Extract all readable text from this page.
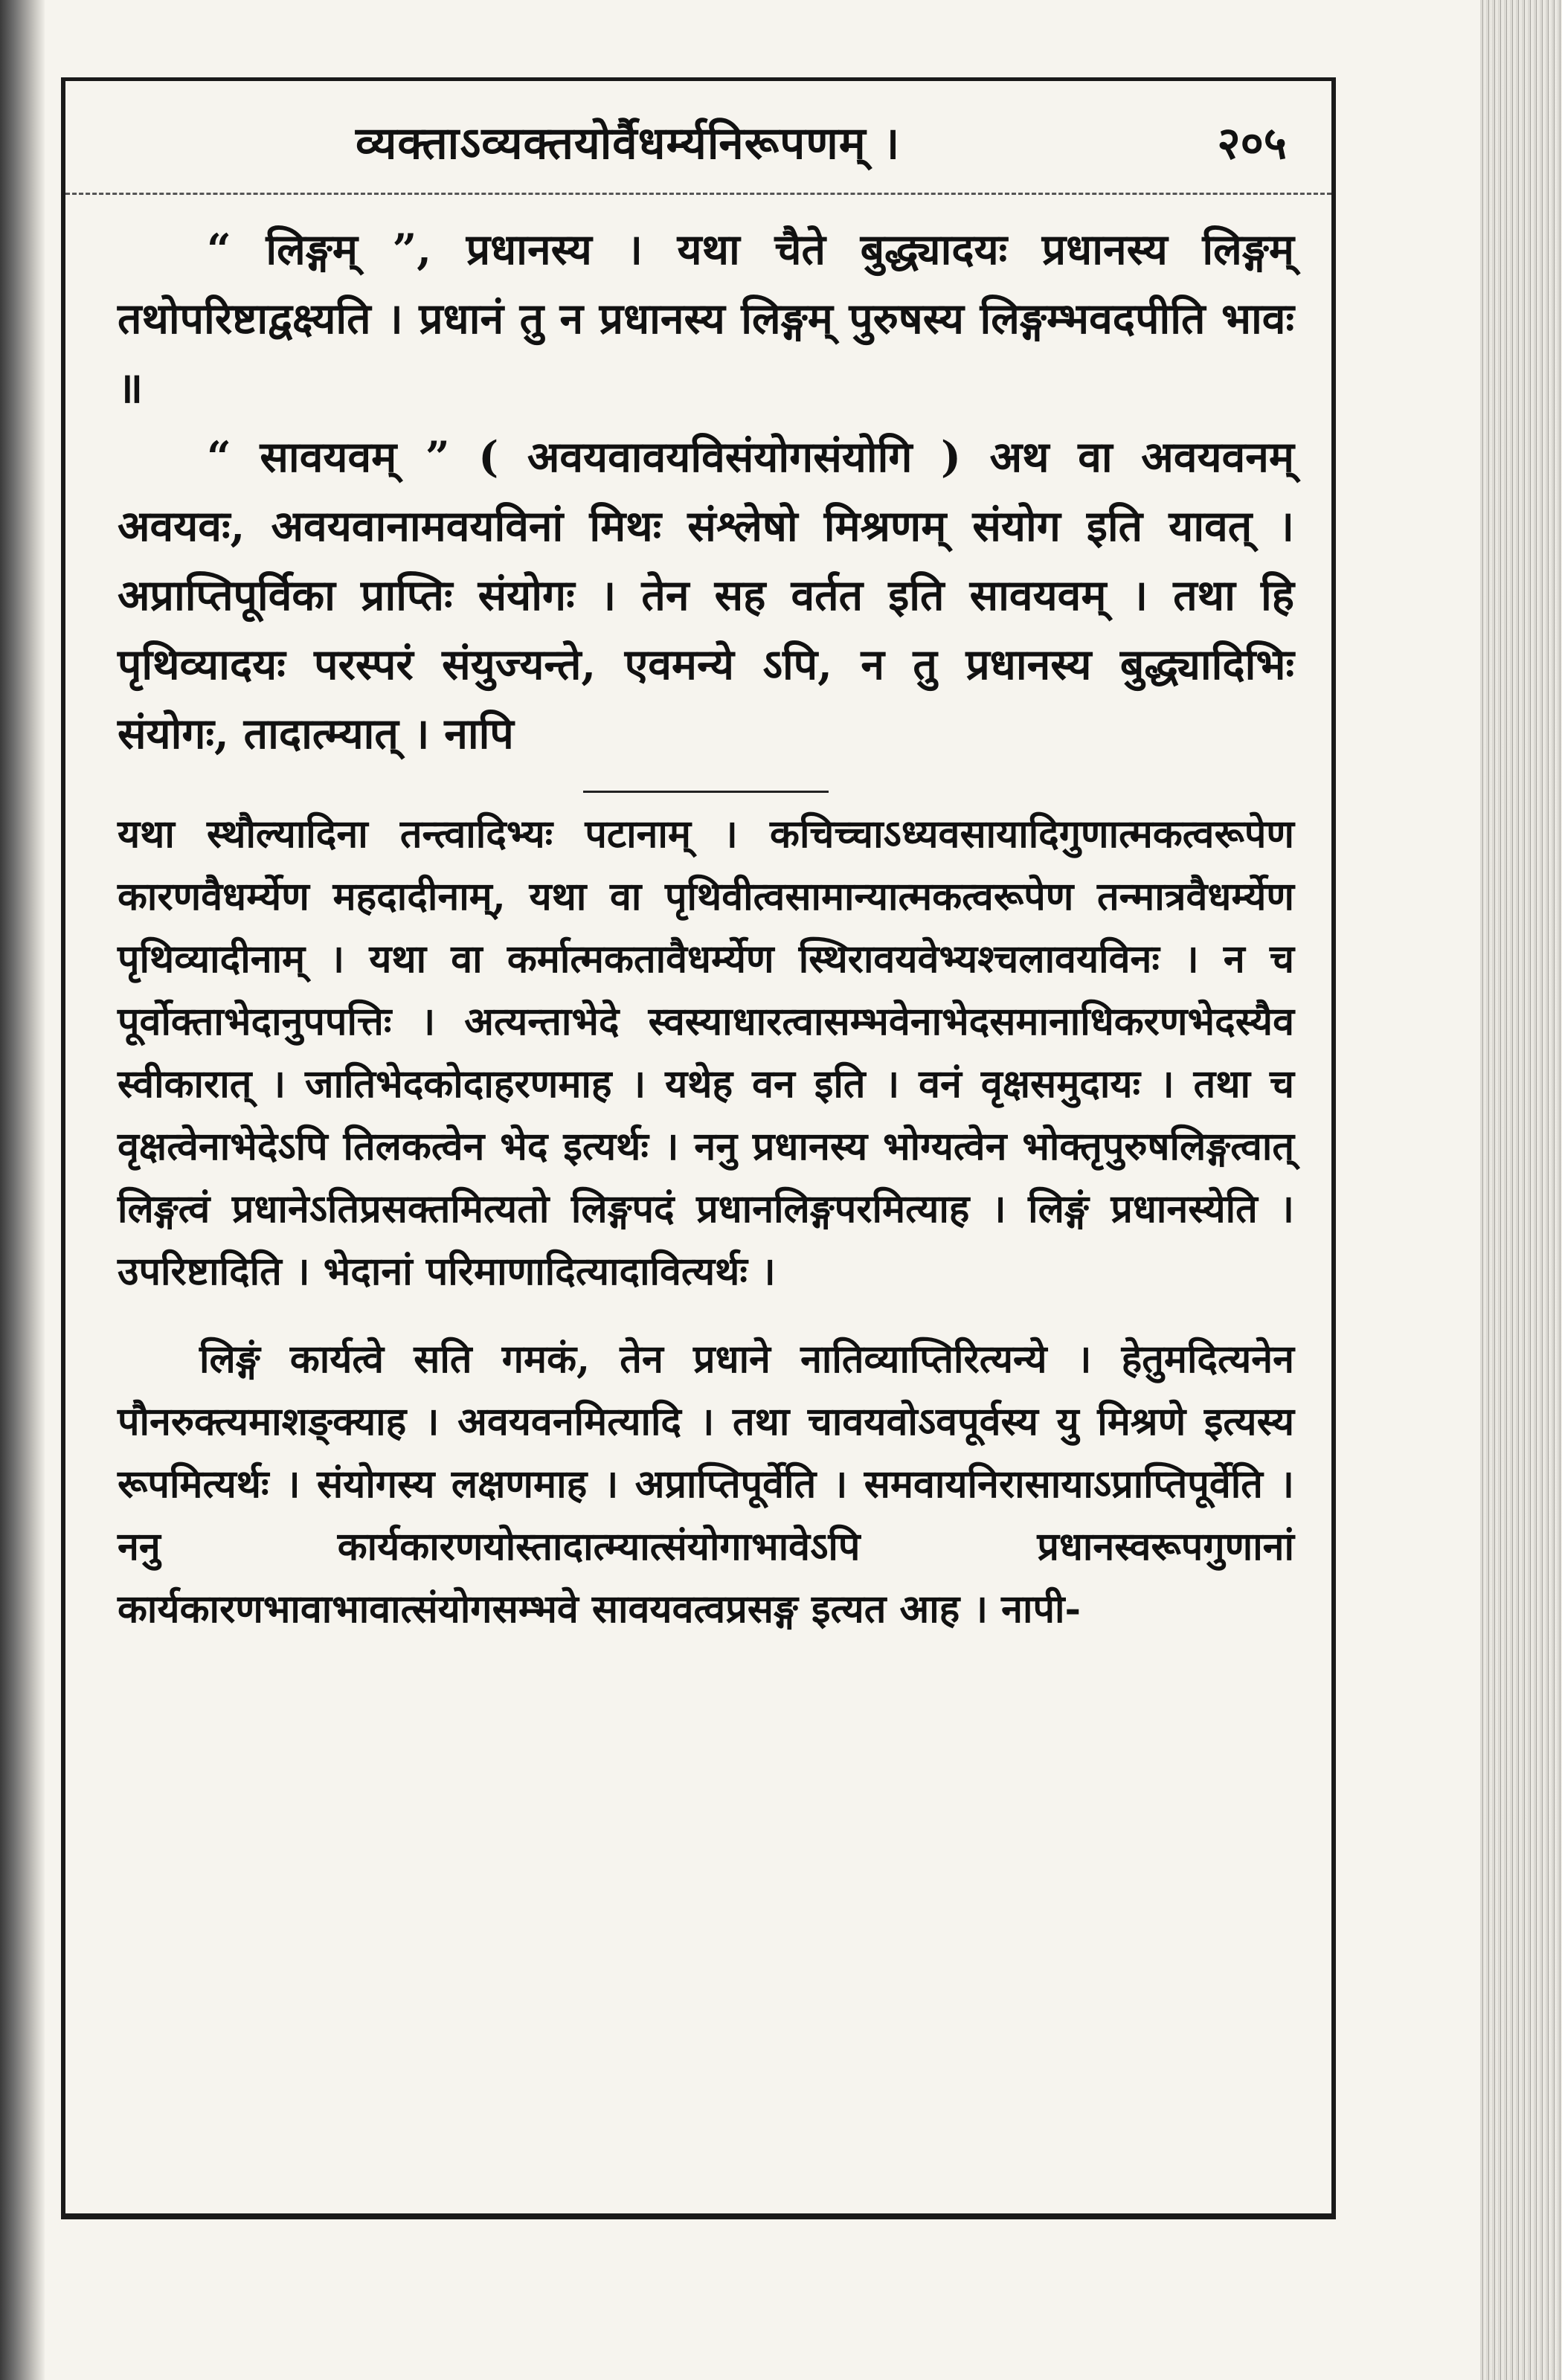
व्यक्ताऽव्यक्तयोर्वैधर्म्यनिरूपणम् ।	२०५

“ लिङ्गम् ”, प्रधानस्य । यथा चैते बुद्ध्यादयः प्रधानस्य लिङ्गम् तथोपरिष्टाद्वक्ष्यति । प्रधानं तु न प्रधानस्य लिङ्गम् पुरुषस्य लिङ्गम्भवदपीति भावः ॥

“ सावयवम् ” ( अवयवावयविसंयोगसंयोगि ) अथ वा अवयवनम् अवयवः, अवयवानामवयविनां मिथः संश्लेषो मिश्रणम् संयोग इति यावत् । अप्राप्तिपूर्विका प्राप्तिः संयोगः । तेन सह वर्तत इति सावयवम् । तथा हि पृथिव्यादयः परस्परं संयुज्यन्ते, एवमन्ये ऽपि, न तु प्रधानस्य बुद्ध्यादिभिः संयोगः, तादात्म्यात् । नापि

यथा स्थौल्यादिना तन्त्वादिभ्यः पटानाम् । कचिच्चाऽध्यवसायादिगुणात्मकत्वरूपेण कारणवैधर्म्येण महदादीनाम्, यथा वा पृथिवीत्वसामान्यात्मकत्वरूपेण तन्मात्रवैधर्म्येण पृथिव्यादीनाम् । यथा वा कर्मात्मकतावैधर्म्येण स्थिरावयवेभ्यश्चलावयविनः । न च पूर्वोक्ताभेदानुपपत्तिः । अत्यन्ताभेदे स्वस्याधारत्वासम्भवेनाभेदसमानाधिकरणभेदस्यैव स्वीकारात् । जातिभेदकोदाहरणमाह । यथेह वन इति । वनं वृक्षसमुदायः । तथा च वृक्षत्वेनाभेदेऽपि तिलकत्वेन भेद इत्यर्थः । ननु प्रधानस्य भोग्यत्वेन भोक्तृपुरुषलिङ्गत्वात् लिङ्गत्वं प्रधानेऽतिप्रसक्तमित्यतो लिङ्गपदं प्रधानलिङ्गपरमित्याह । लिङ्गं प्रधानस्येति । उपरिष्टादिति । भेदानां परिमाणादित्यादावित्यर्थः ।

लिङ्गं कार्यत्वे सति गमकं, तेन प्रधाने नातिव्याप्तिरित्यन्ये । हेतुमदित्यनेन पौनरुक्त्यमाशङ्क्याह । अवयवनमित्यादि । तथा चावयवोऽवपूर्वस्य यु मिश्रणे इत्यस्य रूपमित्यर्थः । संयोगस्य लक्षणमाह । अप्राप्तिपूर्वेति । समवायनिरासायाऽप्राप्तिपूर्वेति । ननु कार्यकारणयोस्तादात्म्यात्संयोगाभावेऽपि प्रधानस्वरूपगुणानां कार्यकारणभावाभावात्संयोगसम्भवे सावयवत्वप्रसङ्ग इत्यत आह । नापी-
